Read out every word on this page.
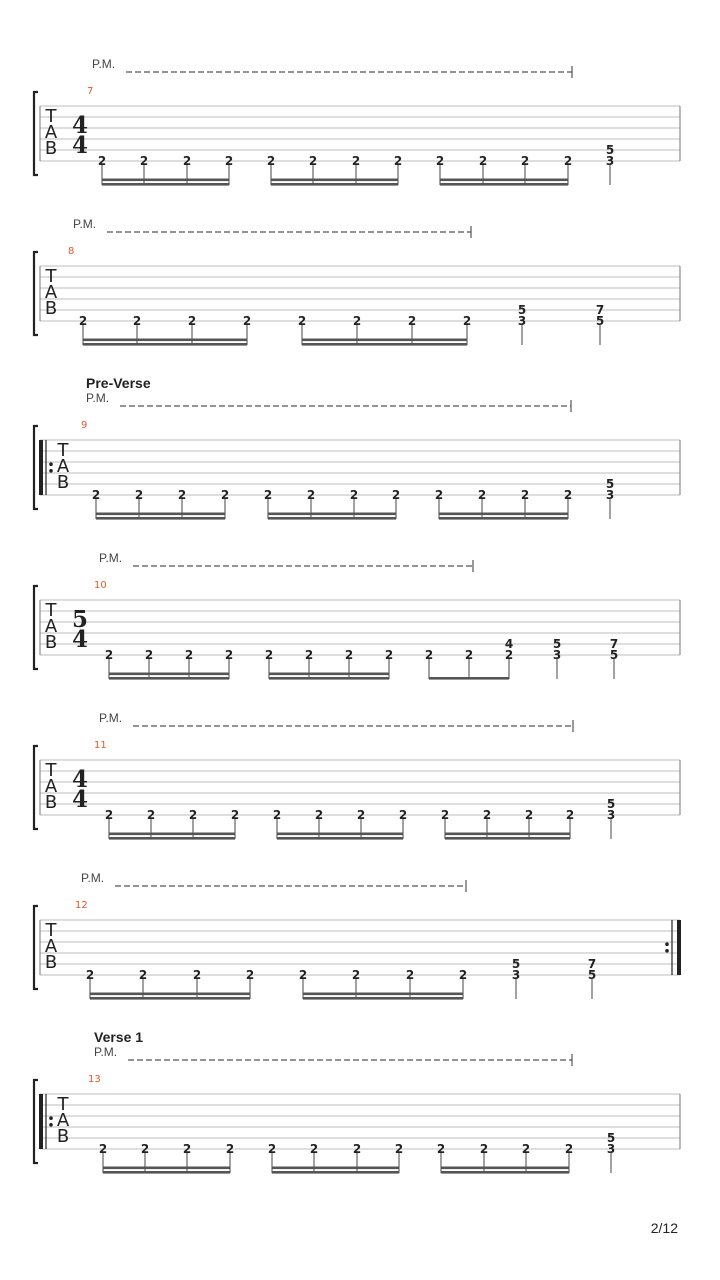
T
A
B
4
4
7
P.M.
2	2	2	2	2	2	2	2	2	2	2	2
5
3
T
A
B
8
P.M.
2	2	2	2	2	2	2	2
5
3
7
5
T
A
B
9
Pre-Verse
P.M.
2	2	2	2	2	2	2	2	2	2	2	2
5
3
T
A
B
5
4
10
P.M.
2	2	2	2	2	2	2	2	2	2
4
2
5
3
7
5
T
A
B
4
4
11
P.M.
2	2	2	2	2	2	2	2	2	2	2	2
5
3
T
A
B
12
P.M.
2	2	2	2	2	2	2	2
5
3
7
5
T
A
B
13
Verse 1
P.M.
2	2	2	2	2	2	2	2	2	2	2	2
5
3
2/12
